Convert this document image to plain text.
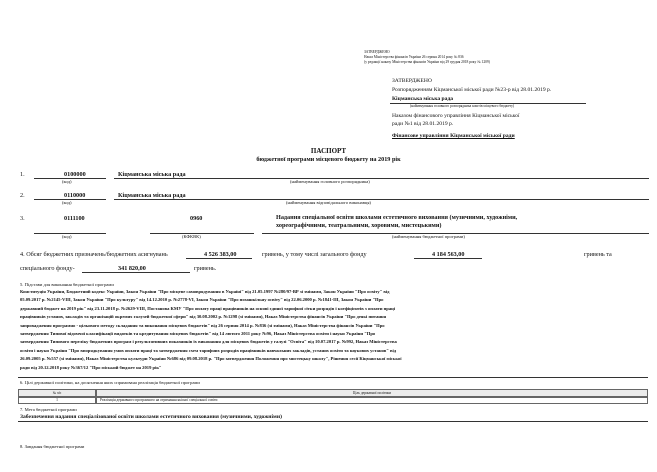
ЗАТВЕРДЖЕНО
Наказ Міністерства фінансів України 26 серпня 2014 року № 836
(у редакції наказу Міністерства фінансів України від 29 грудня 2018 року № 1209)
ЗАТВЕРДЖЕНО
Розпорядженням Кіцманської міської ради №23-р від 28.01.2019 р.
Кіцманська міська рада
(найменування головного розпорядника коштів місцевого бюджету)
Наказом фінансового управління Кіцманської міської
ради №1 від 28.01.2019 р.
Фінансове управління Кіцманської міської ради
ПАСПОРТ
бюджетної програми місцевого бюджету на 2019 рік
1.	0100000
(код)
Кіцманська міська рада
(найменування головного розпорядника)
2.	0110000
(код)
Кіцманська міська рада
(найменування відповідального виконавця)
3.	0111100
(код)
0960
(КФКВК)
Надання спеціальної освіти школами естетичного виховання (музичними, художніми,
хореографічними, театральними, хоровими, мистецькими)
(найменування бюджетної програми)
4. Обсяг бюджетних призначень/бюджетних асигнувань	4 526 383,00	гривень, у тому числі загального фонду	4 184 563,00	гривень та
спеціального фонду-	341 820,00	гривень.
5. Підстави для виконання бюджетної програми
Конституція України, Бюджетний кодекс України, Закон України "Про місцеве самоврядування в Україні" від 21.05.1997 №280/97-ВР зі змінами, Закон України "Про освіту" від
05.09.2017 р. №2145-VIII, Закон України "Про культуру" від 14.12.2010 р. №2778-VI, Закон України "Про позашкільну освіту" від 22.06.2000 р. №1841-III, Закон України "Про
державний бюджет на 2019 рік" від 23.11.2018 р. №2629-VIII, Постанова КМУ "Про оплату праці працівників на основі єдиної тарифної сітки розрядів і коефіцієнтів з оплати праці
працівників установ, закладів та організацій окремих галузей бюджетної сфери" від 30.08.2002 р. №1298 (зі змінами), Наказ Міністерства фінансів України "Про деякі питання
запровадження програмно - цільового методу складання та виконання місцевих бюджетів" від 26 серпня 2014 р. №836 (зі змінами), Наказ Міністерства фінансів України "Про
затвердження Типової відомчої класифікації видатків та кредитування місцевих бюджетів" від 14 лютого 2011 року №96, Наказ Міністерства освіти і науки України "Про
затвердження Типового переліку бюджетних програм і результативних показників їх виконання для місцевих бюджетів у галузі "Освіта" від 10.07.2017 р. №992, Наказ Міністерства
освіти і науки України "Про впорядкування умов оплати праці та затвердження схем тарифних розрядів працівників навчальних закладів, установ освіти та наукових установ" від
26.09.2005 р. №557 (зі змінами), Наказ Міністерства культури України №686 від 09.08.2018 р. "Про затвердження Положення про мистецьку школу", Рішення сесії Кіцманської міської
ради від 20.12.2018 року №367/12 "Про міський бюджет на 2019 рік"
6. Цілі державної політики, на досягнення яких спрямована реалізація бюджетної програми
№ з/п	Ціль державної політики
1	Реалізація державного програмного на отримання якісної спеціальної освіти
7. Мета бюджетної програми
Забезпечення надання спеціалізованої освіти школами естетичного виховання (музичними, художніми)
8. Завдання бюджетної програми
